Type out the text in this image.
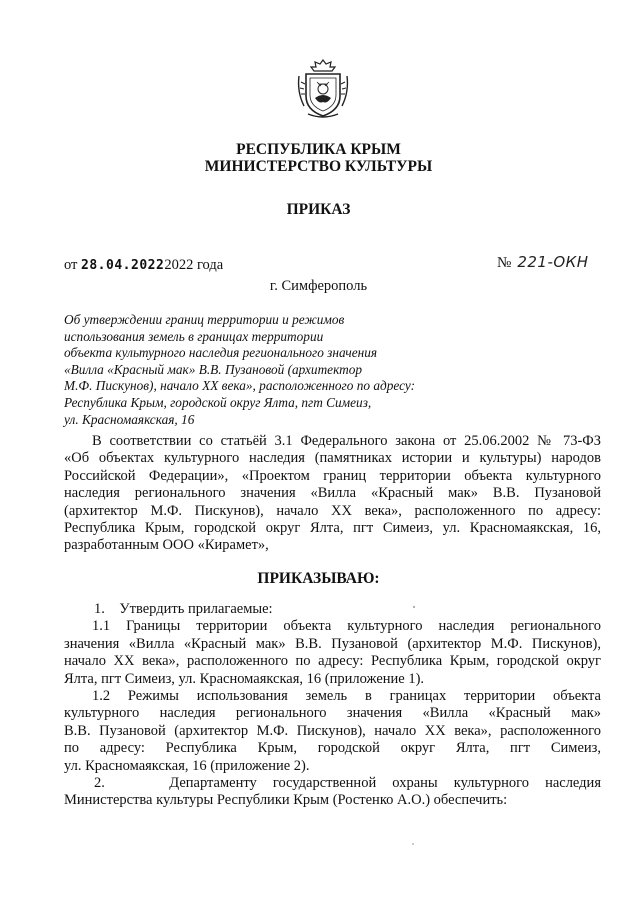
РЕСПУБЛИКА КРЫМ
МИНИСТЕРСТВО КУЛЬТУРЫ
ПРИКАЗ
от 28.04.20222022 года	№ 221-ОКН
г. Симферополь
Об утверждении границ территории и режимов
использования земель в границах территории
объекта культурного наследия регионального значения
«Вилла «Красный мак» В.В. Пузановой (архитектор
М.Ф. Пискунов), начало XX века», расположенного по адресу:
Республика Крым, городской округ Ялта, пгт Симеиз,
ул. Красномаякская, 16
В соответствии со статьёй 3.1 Федерального закона от 25.06.2002 № 73-ФЗ
«Об объектах культурного наследия (памятниках истории и культуры) народов
Российской Федерации», «Проектом границ территории объекта культурного
наследия регионального значения «Вилла «Красный мак» В.В. Пузановой
(архитектор М.Ф. Пискунов), начало XX века», расположенного по адресу:
Республика Крым, городской округ Ялта, пгт Симеиз, ул. Красномаякская, 16,
разработанным ООО «Кирамет»,
ПРИКАЗЫВАЮ:
1.    Утвердить прилагаемые:
1.1 Границы территории объекта культурного наследия регионального
значения «Вилла «Красный мак» В.В. Пузановой (архитектор М.Ф. Пискунов),
начало XX века», расположенного по адресу: Республика Крым, городской округ
Ялта, пгт Симеиз, ул. Красномаякская, 16 (приложение 1).
1.2 Режимы использования земель в границах территории объекта
культурного наследия регионального значения «Вилла «Красный мак»
В.В. Пузановой (архитектор М.Ф. Пискунов), начало XX века», расположенного
по адресу: Республика Крым, городской округ Ялта, пгт Симеиз,
ул. Красномаякская, 16 (приложение 2).
2.    Департаменту государственной охраны культурного наследия
Министерства культуры Республики Крым (Ростенко А.О.) обеспечить:
